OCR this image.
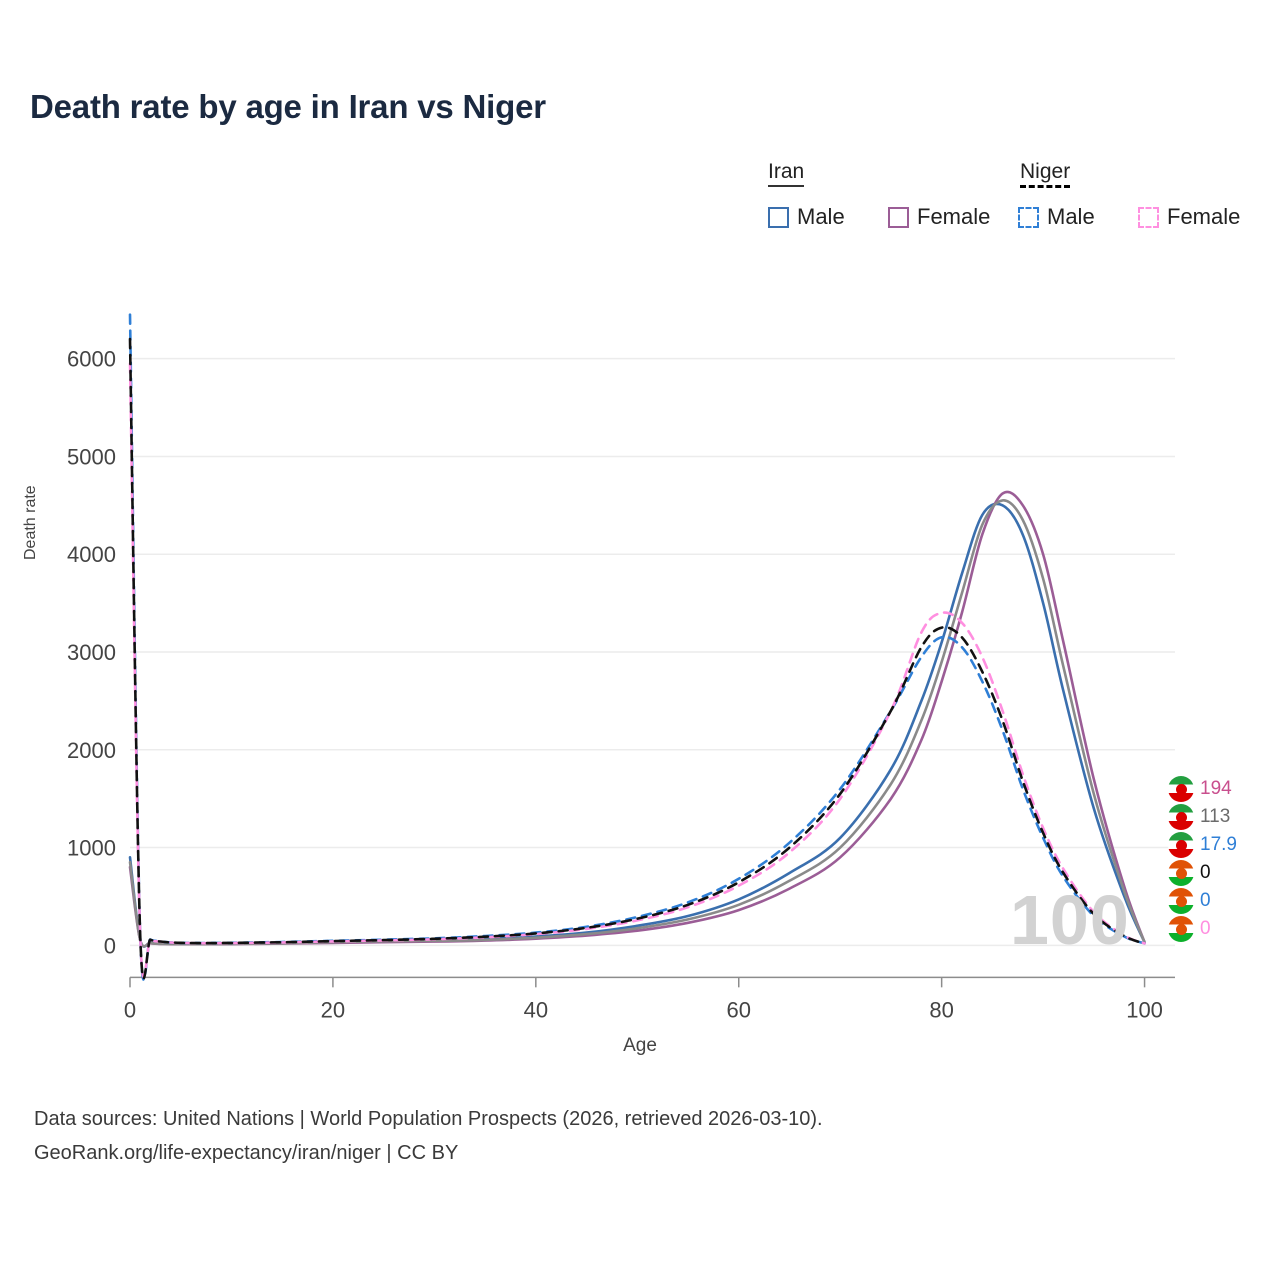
Death rate by age in Iran vs Niger
Iran	Niger
Male	Female	Male	Female
Death rate
0
1000
2000
3000
4000
5000
6000
0	20	40	60	80	100
Age
100
194
113
17.9
0
0
0
Data sources: United Nations | World Population Prospects (2026, retrieved 2026-03-10).
GeoRank.org/life-expectancy/iran/niger | CC BY
